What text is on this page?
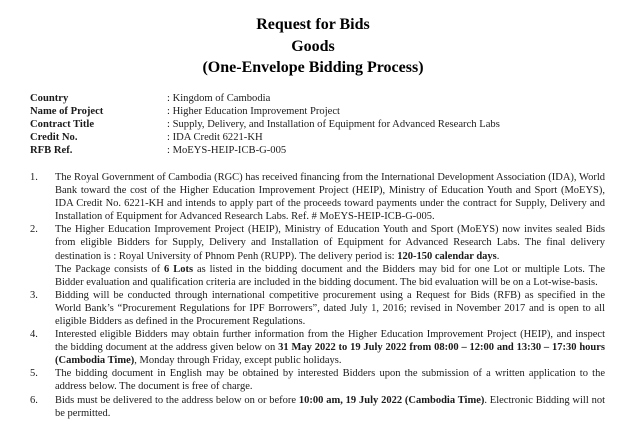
Request for Bids
Goods
(One-Envelope Bidding Process)
Country	: Kingdom of Cambodia
Name of Project	: Higher Education Improvement Project
Contract Title	: Supply, Delivery, and Installation of Equipment for Advanced Research Labs
Credit No.	: IDA Credit 6221-KH
RFB Ref.	: MoEYS-HEIP-ICB-G-005
1.	The Royal Government of Cambodia (RGC) has received financing from the International Development Association (IDA), World Bank toward the cost of the Higher Education Improvement Project (HEIP), Ministry of Education Youth and Sport (MoEYS), IDA Credit No. 6221-KH and intends to apply part of the proceeds toward payments under the contract for Supply, Delivery and Installation of Equipment for Advanced Research Labs. Ref. # MoEYS-HEIP-ICB-G-005.
2.	The Higher Education Improvement Project (HEIP), Ministry of Education Youth and Sport (MoEYS) now invites sealed Bids from eligible Bidders for Supply, Delivery and Installation of Equipment for Advanced Research Labs. The final delivery destination is : Royal University of Phnom Penh (RUPP). The delivery period is: 120-150 calendar days.
The Package consists of 6 Lots as listed in the bidding document and the Bidders may bid for one Lot or multiple Lots. The Bidder evaluation and qualification criteria are included in the bidding document. The bid evaluation will be on a Lot-wise-basis.
3.	Bidding will be conducted through international competitive procurement using a Request for Bids (RFB) as specified in the World Bank’s “Procurement Regulations for IPF Borrowers”, dated July 1, 2016; revised in November 2017 and is open to all eligible Bidders as defined in the Procurement Regulations.
4.	Interested eligible Bidders may obtain further information from the Higher Education Improvement Project (HEIP), and inspect the bidding document at the address given below on 31 May 2022 to 19 July 2022 from 08:00 – 12:00 and 13:30 – 17:30 hours (Cambodia Time), Monday through Friday, except public holidays.
5.	The bidding document in English may be obtained by interested Bidders upon the submission of a written application to the address below. The document is free of charge.
6.	Bids must be delivered to the address below on or before 10:00 am, 19 July 2022 (Cambodia Time). Electronic Bidding will not be permitted.
